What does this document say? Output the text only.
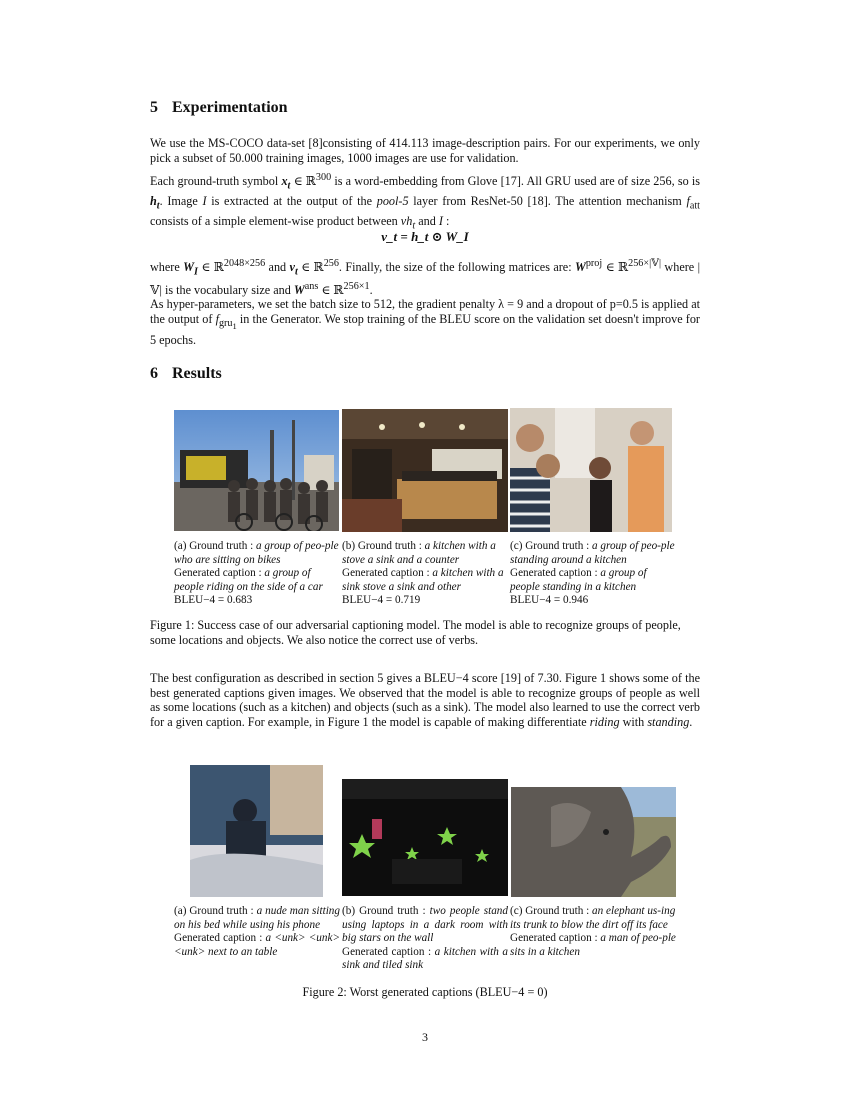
5 Experimentation

We use the MS-COCO data-set [8]consisting of 414.113 image-description pairs. For our experiments, we only pick a subset of 50.000 training images, 1000 images are use for validation.

Each ground-truth symbol $x_t$ ∈ ℝ$^{300}$ is a word-embedding from Glove [17]. All GRU used are of size 256, so is $h_t$. Image I is extracted at the output of the pool-5 layer from ResNet-50 [18]. The attention mechanism $f_{att}$ consists of a simple element-wise product between $vh_t$ and I :

v_t = h_t ⊙ W_I

where $W_I$ ∈ ℝ$^{2048\times 256}$ and $v_t$ ∈ ℝ$^{256}$. Finally, the size of the following matrices are: $W^{proj}$ ∈ ℝ$^{256\times|𝕍|}$ where |𝕍| is the vocabulary size and $W^{ans}$ ∈ ℝ$^{256\times 1}$.

As hyper-parameters, we set the batch size to 512, the gradient penalty λ = 9 and a dropout of p=0.5 is applied at the output of $f_{gru_1}$ in the Generator. We stop training of the BLEU score on the validation set doesn't improve for 5 epochs.

6 Results
(a) Ground truth : a group of peo-ple who are sitting on bikes
Generated caption : a group of people riding on the side of a car
BLEU−4 = 0.683
(b) Ground truth : a kitchen with a stove a sink and a counter
Generated caption : a kitchen with a sink stove a sink and other
BLEU−4 = 0.719
(c) Ground truth : a group of peo-ple standing around a kitchen
Generated caption : a group of people standing in a kitchen
BLEU−4 = 0.946
Figure 1: Success case of our adversarial captioning model. The model is able to recognize groups of people, some locations and objects. We also notice the correct use of verbs.

The best configuration as described in section 5 gives a BLEU−4 score [19] of 7.30. Figure 1 shows some of the best generated captions given images. We observed that the model is able to recognize groups of people as well as some locations (such as a kitchen) and objects (such as a sink). The model also learned to use the correct verb for a given caption. For example, in Figure 1 the model is capable of making differentiate riding with standing.

(a) Ground truth : a nude man sitting on his bed while using his phone
Generated caption : a <unk> <unk> <unk> next to an table
(b) Ground truth : two people stand using laptops in a dark room with big stars on the wall
Generated caption : a kitchen with a sink and tiled sink
(c) Ground truth : an elephant us-ing its trunk to blow the dirt off its face
Generated caption : a man of peo-ple sits in a kitchen
Figure 2: Worst generated captions (BLEU−4 = 0)
3
